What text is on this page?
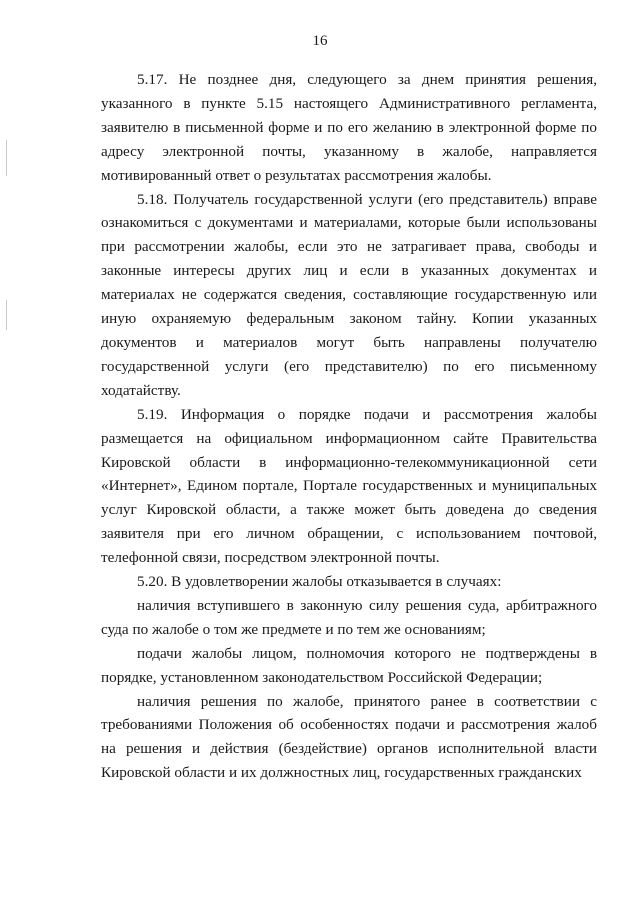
16

5.17. Не позднее дня, следующего за днем принятия решения, указанного в пункте 5.15 настоящего Административного регламента, заявителю в письменной форме и по его желанию в электронной форме по адресу электронной почты, указанному в жалобе, направляется мотивированный ответ о результатах рассмотрения жалобы.

5.18. Получатель государственной услуги (его представитель) вправе ознакомиться с документами и материалами, которые были использованы при рассмотрении жалобы, если это не затрагивает права, свободы и законные интересы других лиц и если в указанных документах и материалах не содержатся сведения, составляющие государственную или иную охраняемую федеральным законом тайну. Копии указанных документов и материалов могут быть направлены получателю государственной услуги (его представителю) по его письменному ходатайству.

5.19. Информация о порядке подачи и рассмотрения жалобы размещается на официальном информационном сайте Правительства Кировской области в информационно-телекоммуникационной сети «Интернет», Едином портале, Портале государственных и муниципальных услуг Кировской области, а также может быть доведена до сведения заявителя при его личном обращении, с использованием почтовой, телефонной связи, посредством электронной почты.

5.20. В удовлетворении жалобы отказывается в случаях:

наличия вступившего в законную силу решения суда, арбитражного суда по жалобе о том же предмете и по тем же основаниям;

подачи жалобы лицом, полномочия которого не подтверждены в порядке, установленном законодательством Российской Федерации;

наличия решения по жалобе, принятого ранее в соответствии с требованиями Положения об особенностях подачи и рассмотрения жалоб на решения и действия (бездействие) органов исполнительной власти Кировской области и их должностных лиц, государственных гражданских
